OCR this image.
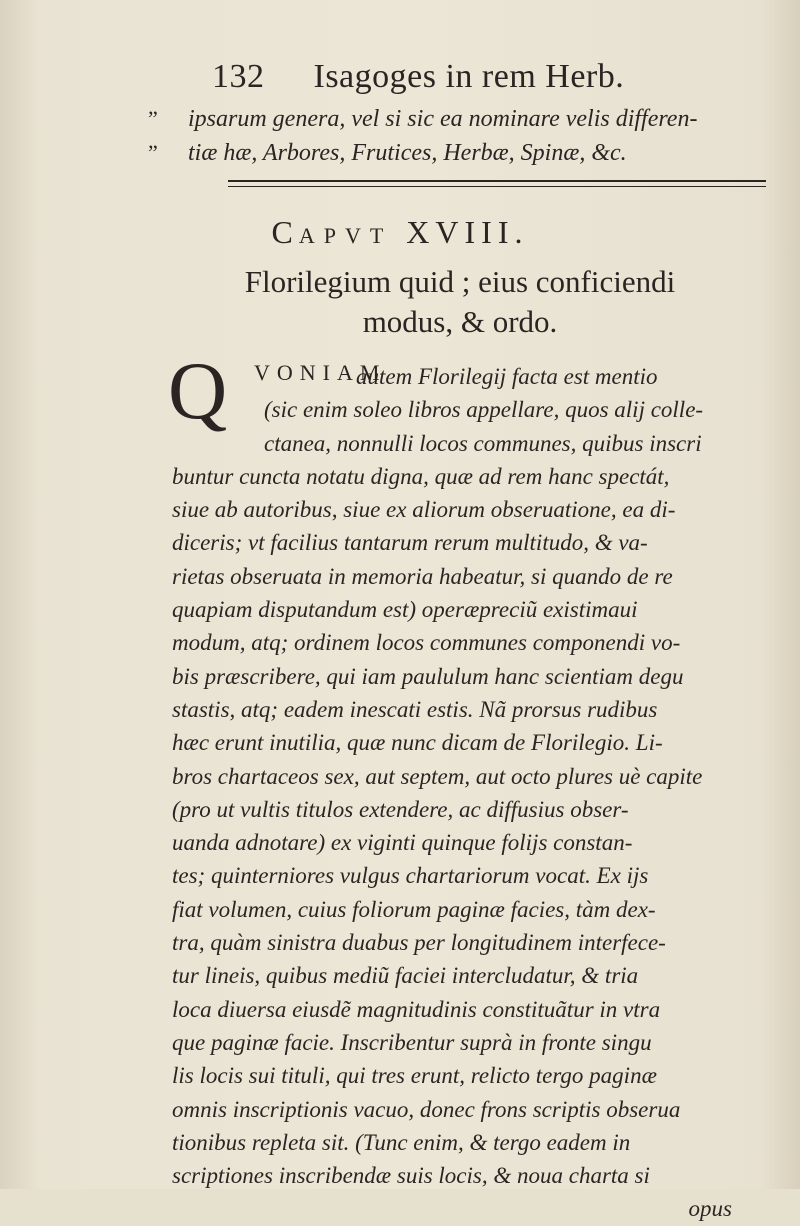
132 Isagoges in rem Herb.
” ipsarum genera, vel si sic ea nominare velis differen-
” tiæ hæ, Arbores, Frutices, Herbæ, Spinæ, &c.
CAPVT XVIII.
Florilegium quid ; eius conficiendi
modus, & ordo.
Q VONIAM
autem Florilegij facta est mentio
(sic enim soleo libros appellare, quos alij colle-
ctanea, nonnulli locos communes, quibus inscri
buntur cuncta notatu digna, quæ ad rem hanc spectát,
siue ab autoribus, siue ex aliorum obseruatione, ea di-
diceris; vt facilius tantarum rerum multitudo, & va-
rietas obseruata in memoria habeatur, si quando de re
quapiam disputandum est) operæpreciũ existimaui
modum, atq; ordinem locos communes componendi vo-
bis præscribere, qui iam paululum hanc scientiam degu
stastis, atq; eadem inescati estis. Nã prorsus rudibus
hæc erunt inutilia, quæ nunc dicam de Florilegio. Li-
bros chartaceos sex, aut septem, aut octo plures uè capite
(pro ut vultis titulos extendere, ac diffusius obser-
uanda adnotare) ex viginti quinque folijs constan-
tes; quinterniores vulgus chartariorum vocat. Ex ijs
fiat volumen, cuius foliorum paginæ facies, tàm dex-
tra, quàm sinistra duabus per longitudinem interfece-
tur lineis, quibus mediũ faciei intercludatur, & tria
loca diuersa eiusdẽ magnitudinis constituãtur in vtra
que paginæ facie. Inscribentur suprà in fronte singu
lis locis sui tituli, qui tres erunt, relicto tergo paginæ
omnis inscriptionis vacuo, donec frons scriptis obserua
tionibus repleta sit. (Tunc enim, & tergo eadem in
scriptiones inscribendæ suis locis, & noua charta si
opus
